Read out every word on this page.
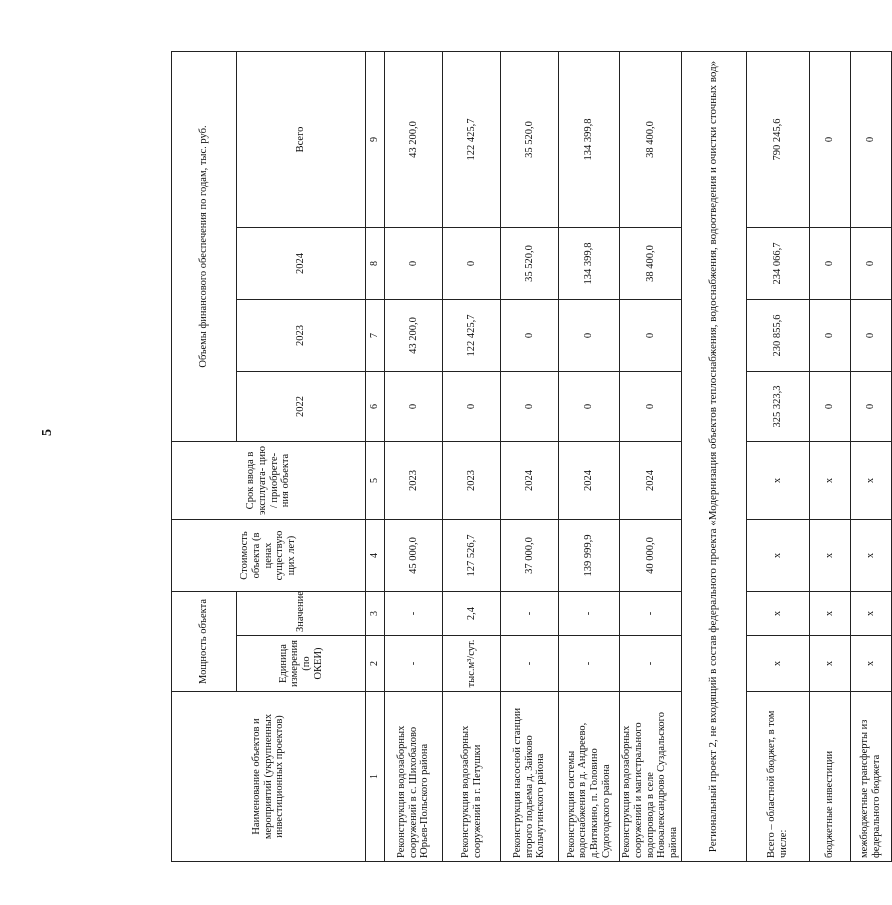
5
Наименование объектов и мероприятий (укрупненных инвестиционных проектов)	Мощность объекта		Стоимость объекта (в ценах существую щих лет)	Срок ввода в эксплуата- цию / приобрете- ния объекта	Объемы финансового обеспечения по годам, тыс. руб.			
	Единица измерения (по ОКЕИ)	Значение			2022	2023	2024	Всего
1	2	3	4	5	6	7	8	9
Реконструкция водозаборных сооружений в с. Шихобалово Юрьев-Польского района	-	-	45 000,0	2023	0	43 200,0	0	43 200,0
Реконструкция водозаборных сооружений в г. Петушки	тыс.м³/сут.	2,4	127 526,7	2023	0	122 425,7	0	122 425,7
Реконструкция насосной станции второго подъема д. Зайково Кольчугинского района	-	-	37 000,0	2024	0	0	35 520,0	35 520,0
Реконструкция системы водоснабжения в д. Андреево, д.Витякино, п. Головино Судогодского района	-	-	139 999,9	2024	0	0	134 399,8	134 399,8
Реконструкция водозаборных сооружений и магистрального водопровода в селе Новоалександрово Суздальского района	-	-	40 000,0	2024	0	0	38 400,0	38 400,0
Региональный проект 2, не входящий в состав федерального проекта «Модернизация объектов теплоснабжения, водоснабжения, водоотведения и очистки сточных вод»								
Всего – областной бюджет, в том числе:	х	х	х	х	325 323,3	230 855,6	234 066,7	790 245,6
бюджетные инвестиции	х	х	х	х	0	0	0	0
межбюджетные трансферты из федерального бюджета	х	х	х	х	0	0	0	0
